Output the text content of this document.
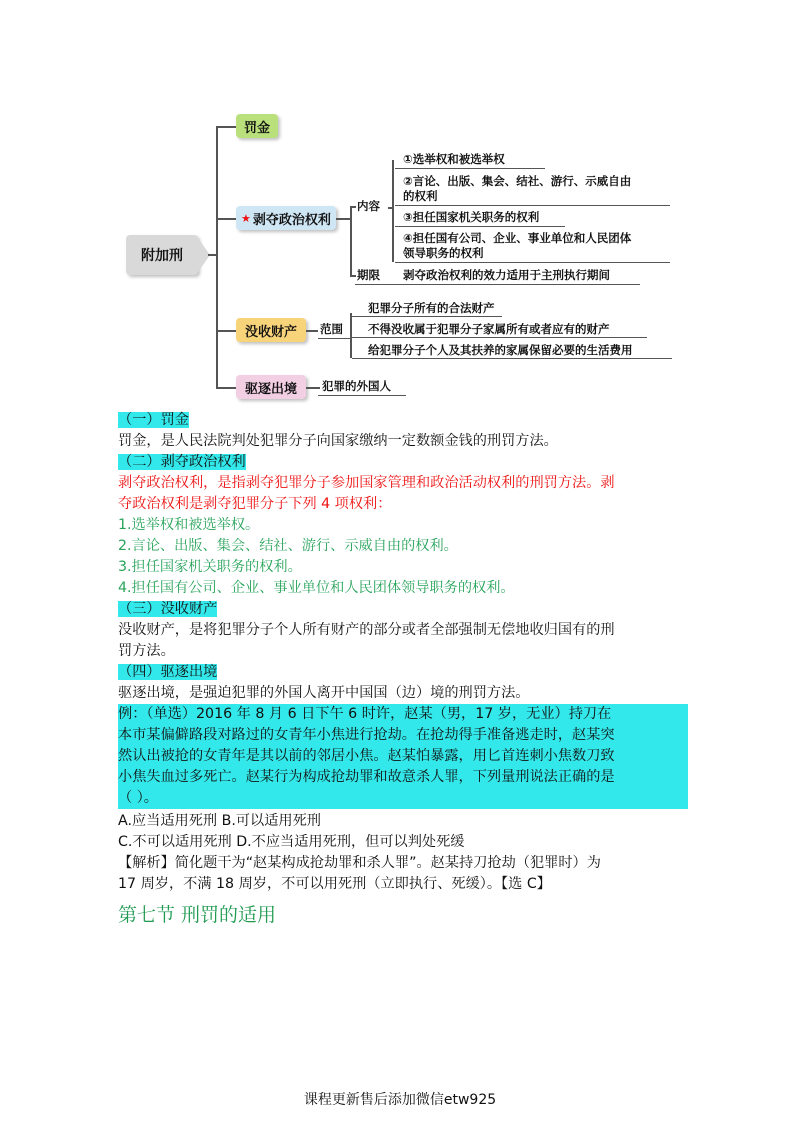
附加刑
罚金
★ 剥夺政治权利
内容
①选举权和被选举权
②言论、出版、集会、结社、游行、示威自由
的权利
③担任国家机关职务的权利
④担任国有公司、企业、事业单位和人民团体
领导职务的权利
期限 剥夺政治权利的效力适用于主刑执行期间
没收财产 范围
犯罪分子所有的合法财产
不得没收属于犯罪分子家属所有或者应有的财产
给犯罪分子个人及其扶养的家属保留必要的生活费用
驱逐出境 犯罪的外国人
（一）罚金
罚金，是人民法院判处犯罪分子向国家缴纳一定数额金钱的刑罚方法。
（二）剥夺政治权利
剥夺政治权利，是指剥夺犯罪分子参加国家管理和政治活动权利的刑罚方法。剥
夺政治权利是剥夺犯罪分子下列 4 项权利：
1.选举权和被选举权。
2.言论、出版、集会、结社、游行、示威自由的权利。
3.担任国家机关职务的权利。
4.担任国有公司、企业、事业单位和人民团体领导职务的权利。
（三）没收财产
没收财产，是将犯罪分子个人所有财产的部分或者全部强制无偿地收归国有的刑
罚方法。
（四）驱逐出境
驱逐出境，是强迫犯罪的外国人离开中国国（边）境的刑罚方法。
例：（单选）2016 年 8 月 6 日下午 6 时许，赵某（男，17 岁，无业）持刀在
本市某偏僻路段对路过的女青年小焦进行抢劫。在抢劫得手准备逃走时，赵某突
然认出被抢的女青年是其以前的邻居小焦。赵某怕暴露，用匕首连刺小焦数刀致
小焦失血过多死亡。赵某行为构成抢劫罪和故意杀人罪，下列量刑说法正确的是
（ ）。
A.应当适用死刑 B.可以适用死刑
C.不可以适用死刑 D.不应当适用死刑，但可以判处死缓
【解析】简化题干为“赵某构成抢劫罪和杀人罪”。赵某持刀抢劫（犯罪时）为
17 周岁，不满 18 周岁，不可以用死刑（立即执行、死缓）。【选 C】
第七节 刑罚的适用
课程更新售后添加微信etw925
